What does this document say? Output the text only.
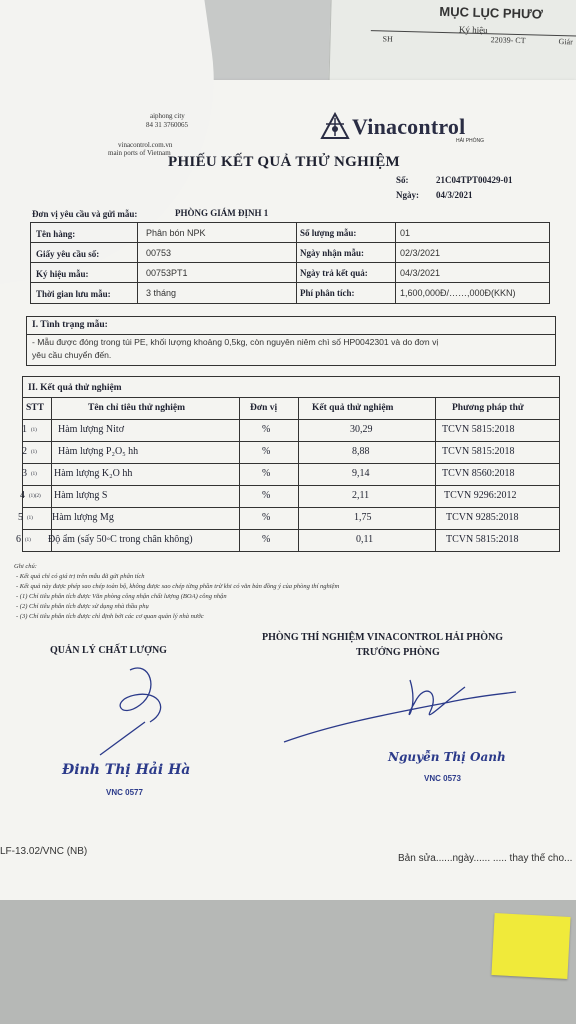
MỤC LỤC PHƯƠ
Ký hiệu
SH	22039- CT	Giár
aiphong city
84 31 3760065
vinacontrol.com.vn
main ports of Vietnam
Vinacontrol
HẢI PHÒNG
PHIẾU KẾT QUẢ THỬ NGHIỆM
Số:	21C04TPT00429-01
Ngày: 04/3/2021
Đơn vị yêu cầu và gửi mẫu:	PHÒNG GIÁM ĐỊNH 1
Tên hàng:	Phân bón NPK	Số lượng mẫu:	01
Giấy yêu cầu số:	00753	Ngày nhận mẫu:	02/3/2021
Ký hiệu mẫu:	00753PT1	Ngày trả kết quả:	04/3/2021
Thời gian lưu mẫu:	3 tháng	Phí phân tích:	1,600,000Đ/……,000Đ(KKN)
I. Tình trạng mẫu:
- Mẫu được đóng trong túi PE, khối lượng khoảng 0,5kg, còn nguyên niêm chì số HP0042301 và do đơn vị
yêu cầu chuyển đến.
II. Kết quả thử nghiệm
STT	Tên chỉ tiêu thử nghiệm	Đơn vị	Kết quả thử nghiệm	Phương pháp thử
1 (1) Hàm lượng Nitơ	%	30,29	TCVN 5815:2018
2 (1) Hàm lượng P₂O₅ hh	%	8,88	TCVN 5815:2018
3 (1) Hàm lượng K₂O hh	%	9,14	TCVN 8560:2018
4 (1)(2) Hàm lượng S	%	2,11	TCVN 9296:2012
5 (1) Hàm lượng Mg	%	1,75	TCVN 9285:2018
6 (1) Độ ẩm (sấy 50◦C trong chân không)	%	0,11	TCVN 5815:2018
Ghi chú:
- Kết quả chỉ có giá trị trên mẫu đã gửi phân tích
- Kết quả này được phép sao chép toàn bộ, không được sao chép từng phần trừ khi có văn bản đồng ý của phòng thí nghiệm
- (1) Chỉ tiêu phân tích được Văn phòng công nhận chất lượng (BOA) công nhận
- (2) Chỉ tiêu phân tích được sử dụng nhà thầu phụ
- (3) Chỉ tiêu phân tích được chỉ định bởi các cơ quan quản lý nhà nước
QUẢN LÝ CHẤT LƯỢNG
PHÒNG THÍ NGHIỆM VINACONTROL HẢI PHÒNG
TRƯỞNG PHÒNG
Đinh Thị Hải Hà
VNC 0577
Nguyễn Thị Oanh
VNC 0573
LF-13.02/VNC (NB)
Bản sửa......ngày...... ..... thay thế cho...
